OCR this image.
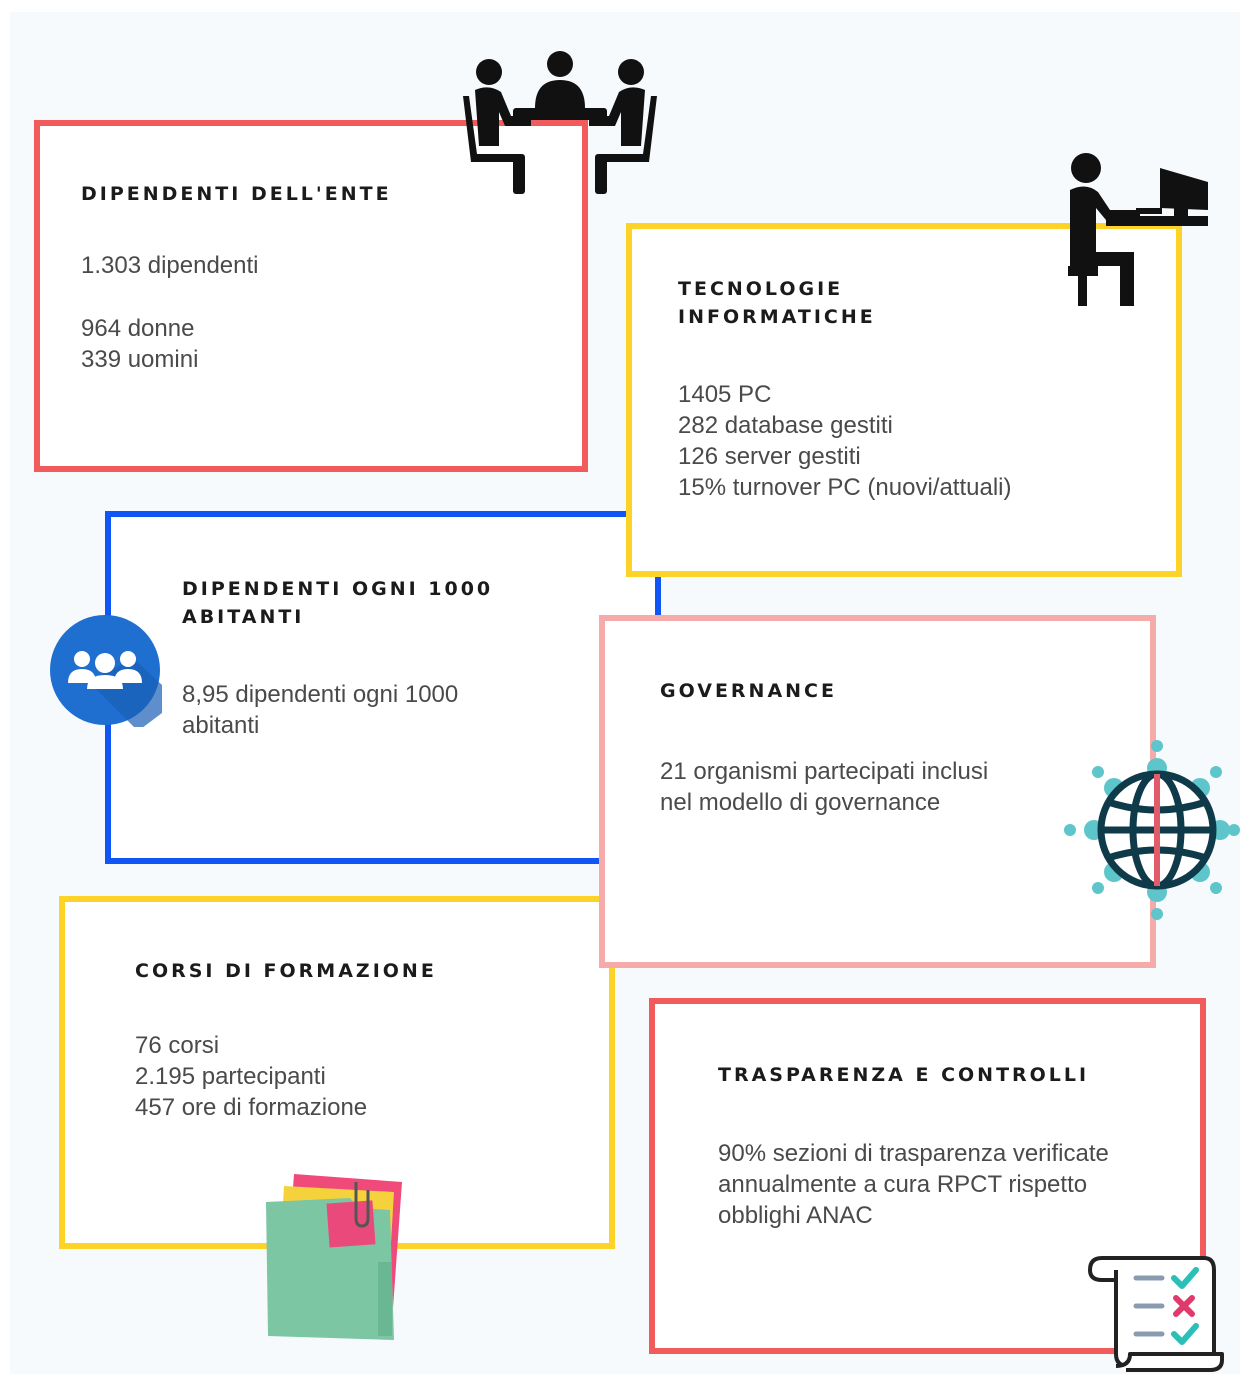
DIPENDENTI OGNI 1000
ABITANTI
8,95 dipendenti ogni 1000
abitanti
DIPENDENTI DELL'ENTE
1.303 dipendenti
964 donne
339 uomini
TECNOLOGIE
INFORMATICHE
1405 PC
282 database gestiti
126 server gestiti
15% turnover PC (nuovi/attuali)
CORSI DI FORMAZIONE
76 corsi
2.195 partecipanti
457 ore di formazione
GOVERNANCE
21 organismi partecipati inclusi
nel modello di governance
TRASPARENZA E CONTROLLI
90% sezioni di trasparenza verificate
annualmente a cura RPCT rispetto
obblighi ANAC
